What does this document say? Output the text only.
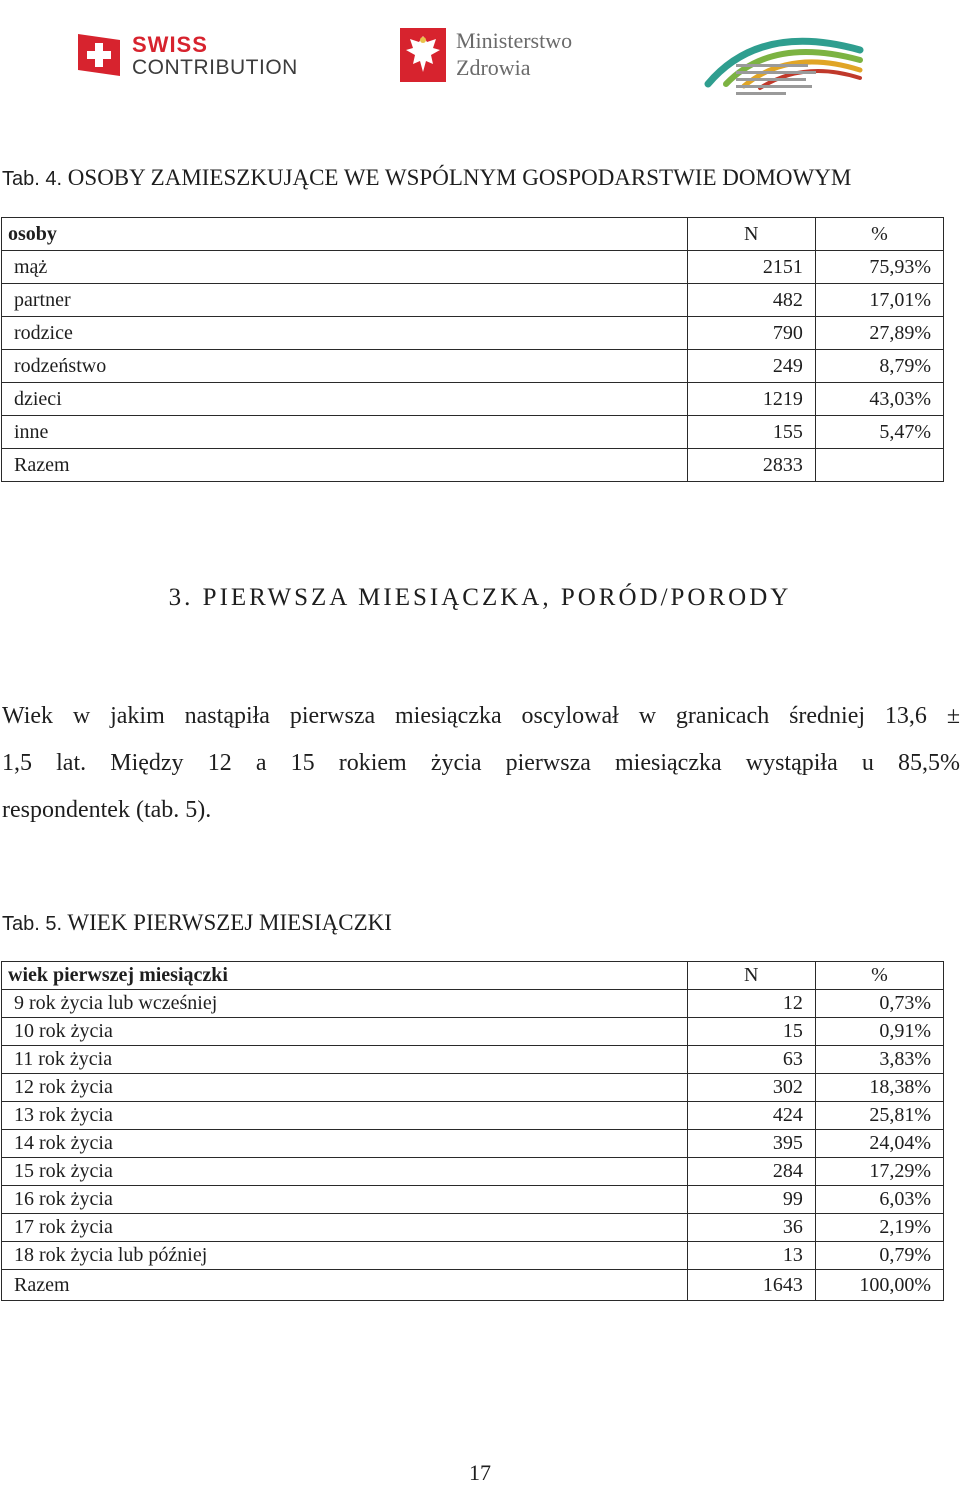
SWISS
CONTRIBUTION
Ministerstwo
Zdrowia
Tab. 4. OSOBY ZAMIESZKUJĄCE WE WSPÓLNYM GOSPODARSTWIE DOMOWYM
osoby	N	%
mąż	2151	75,93%
partner	482	17,01%
rodzice	790	27,89%
rodzeństwo	249	8,79%
dzieci	1219	43,03%
inne	155	5,47%
Razem	2833	
3. PIERWSZA MIESIĄCZKA, PORÓD/PORODY

Wiek w jakim nastąpiła pierwsza miesiączka oscylował w granicach średniej 13,6 ±

1,5 lat. Między 12 a 15 rokiem życia pierwsza miesiączka wystąpiła u 85,5%

respondentek (tab. 5).

Tab. 5. WIEK PIERWSZEJ MIESIĄCZKI
wiek pierwszej miesiączki	N	%
9 rok życia lub wcześniej	12	0,73%
10 rok życia	15	0,91%
11 rok życia	63	3,83%
12 rok życia	302	18,38%
13 rok życia	424	25,81%
14 rok życia	395	24,04%
15 rok życia	284	17,29%
16 rok życia	99	6,03%
17 rok życia	36	2,19%
18 rok życia lub później	13	0,79%
Razem	1643	100,00%
17
